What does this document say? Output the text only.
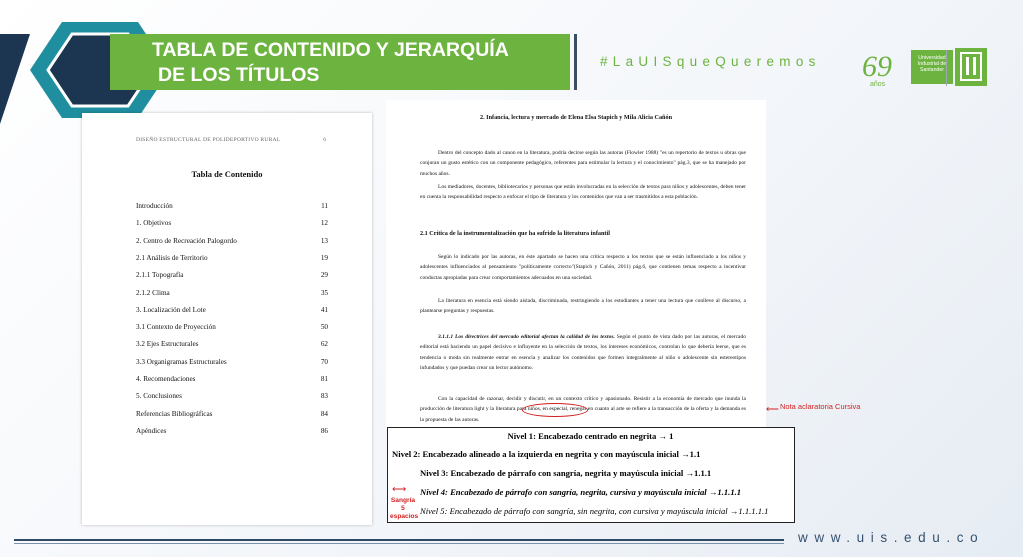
TABLA DE CONTENIDO Y JERARQUÍA
DE LOS TÍTULOS
#LaUISqueQueremos 69
años
Universidad Industrial de Santander
DISEÑO ESTRUCTURAL DE POLIDEPORTIVO RURAL	6
Tabla de Contenido
Introducción	11
1. Objetivos	12
2. Centro de Recreación Palogordo	13
2.1 Análisis de Territorio	19
2.1.1 Topografía	29
2.1.2 Clima	35
3. Localización del Lote	41
3.1 Contexto de Proyección	50
3.2 Ejes Estructurales	62
3.3 Organigramas Estructurales	70
4. Recomendaciones	81
5. Conclusiones	83
Referencias Bibliográficas	84
Apéndices	86
2. Infancia, lectura y mercado de Elena Elsa Stapich y Mila Alicia Cañón
Dentro del concepto dado al canon en la literatura, podría decirse según las autoras (Flowler 1988) "es un repertorio de textos u obras que conjuran un gusto estético con un componente pedagógico, referentes para estimular la lectura y el conocimiento" pág.3, que se ha manejado por muchos años.
Los mediadores, docentes, bibliotecarios y personas que están involucradas en la selección de textos para niños y adolescentes, deben tener en cuenta la responsabilidad respecto a enfocar el tipo de literatura y los contenidos que van a ser trasmitidos a esta población.
2.1 Crítica de la instrumentalización que ha sufrido la literatura infantil
Según lo indicado por las autoras, en éste apartado se hacen una crítica respecto a los textos que se están influenciado a los niños y adolescentes influenciados al pensamiento "políticamente correcto"(Stapich y Cañón, 2011) pág.6, que contienen temas respecto a incentivar conductas apropiadas para crear comportamientos adecuados en una sociedad.
La literatura en esencia está siendo aislada, discriminada, restringiendo a los estudiantes a tener una lectura que conlleve al discurso, a plantearse preguntas y respuestas.
3.1.1.1 Los directrices del mercado editorial afectan la calidad de los textos. Según el punto de vista dado por las autoras, el mercado editorial está haciendo un papel decisivo e influyente en la selección de textos, los intereses económicos, controlan lo que debería leerse, que es tendencia o moda sin realmente entrar en esencia y analizar los contenidos que formen integralmente al niño o adolescente sin estereotipos infundados y que puedan crear un lector autónomo.
Con la capacidad de razonar, decidir y discutir, en un contexto crítico y apasionado. Resistir a la economía de mercado que inunda la producción de literatura light y la literatura para niños, en especial, renegar en cuanto al arte se refiere a la transacción de la oferta y la demanda es la propuesta de las autoras.
⟵ Nota aclaratoria Cursiva
Nivel 1: Encabezado centrado en negrita → 1
Nivel 2: Encabezado alineado a la izquierda en negrita y con mayúscula inicial →1.1
Nivel 3: Encabezado de párrafo con sangría, negrita y mayúscula inicial →1.1.1
Nivel 4: Encabezado de párrafo con sangría, negrita, cursiva y mayúscula inicial →1.1.1.1
Nivel 5: Encabezado de párrafo con sangría, sin negrita, con cursiva y mayúscula inicial →1.1.1.1.1
⟷
Sangría 5 espacios
www.uis.edu.co
